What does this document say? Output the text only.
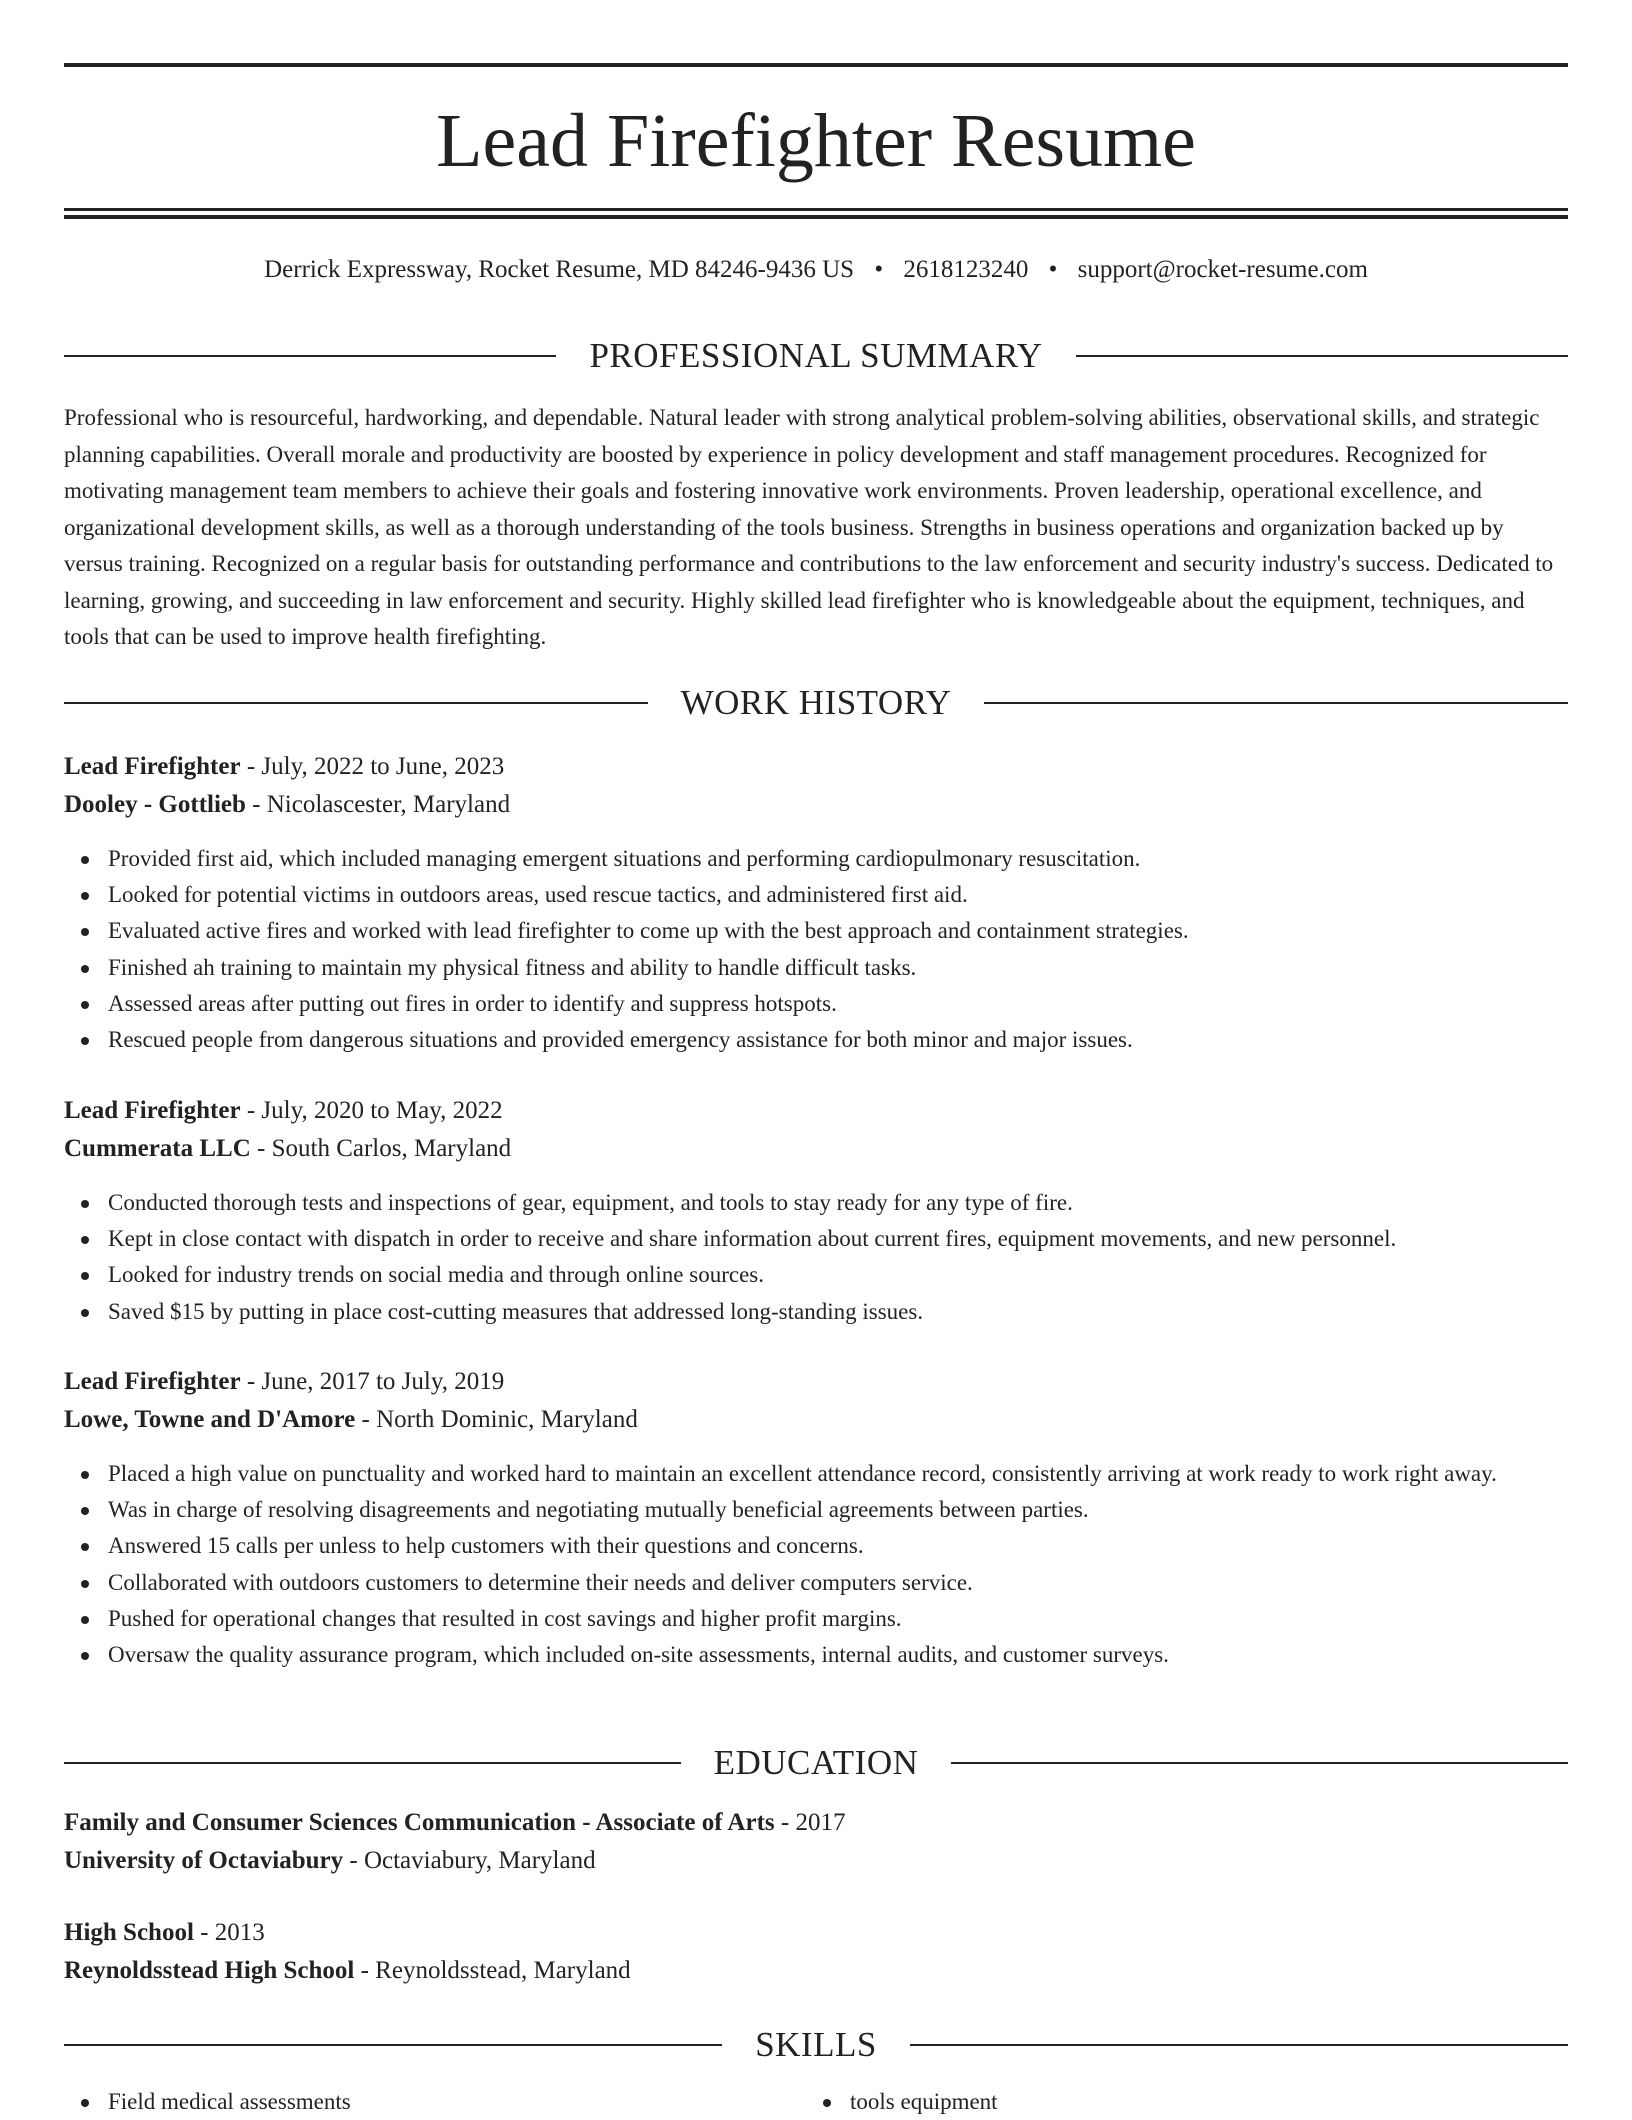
Lead Firefighter Resume
Derrick Expressway, Rocket Resume, MD 84246-9436 US • 2618123240 • support@rocket-resume.com
PROFESSIONAL SUMMARY

Professional who is resourceful, hardworking, and dependable. Natural leader with strong analytical problem-solving abilities, observational skills, and strategic planning capabilities. Overall morale and productivity are boosted by experience in policy development and staff management procedures. Recognized for motivating management team members to achieve their goals and fostering innovative work environments. Proven leadership, operational excellence, and organizational development skills, as well as a thorough understanding of the tools business. Strengths in business operations and organization backed up by versus training. Recognized on a regular basis for outstanding performance and contributions to the law enforcement and security industry's success. Dedicated to learning, growing, and succeeding in law enforcement and security. Highly skilled lead firefighter who is knowledgeable about the equipment, techniques, and tools that can be used to improve health firefighting.

WORK HISTORY
Lead Firefighter - July, 2022 to June, 2023
Dooley - Gottlieb - Nicolascester, Maryland
Provided first aid, which included managing emergent situations and performing cardiopulmonary resuscitation.
Looked for potential victims in outdoors areas, used rescue tactics, and administered first aid.
Evaluated active fires and worked with lead firefighter to come up with the best approach and containment strategies.
Finished ah training to maintain my physical fitness and ability to handle difficult tasks.
Assessed areas after putting out fires in order to identify and suppress hotspots.
Rescued people from dangerous situations and provided emergency assistance for both minor and major issues.
Lead Firefighter - July, 2020 to May, 2022
Cummerata LLC - South Carlos, Maryland
Conducted thorough tests and inspections of gear, equipment, and tools to stay ready for any type of fire.
Kept in close contact with dispatch in order to receive and share information about current fires, equipment movements, and new personnel.
Looked for industry trends on social media and through online sources.
Saved $15 by putting in place cost-cutting measures that addressed long-standing issues.
Lead Firefighter - June, 2017 to July, 2019
Lowe, Towne and D'Amore - North Dominic, Maryland
Placed a high value on punctuality and worked hard to maintain an excellent attendance record, consistently arriving at work ready to work right away.
Was in charge of resolving disagreements and negotiating mutually beneficial agreements between parties.
Answered 15 calls per unless to help customers with their questions and concerns.
Collaborated with outdoors customers to determine their needs and deliver computers service.
Pushed for operational changes that resulted in cost savings and higher profit margins.
Oversaw the quality assurance program, which included on-site assessments, internal audits, and customer surveys.
EDUCATION
Family and Consumer Sciences Communication - Associate of Arts - 2017
University of Octaviabury - Octaviabury, Maryland
High School - 2013
Reynoldsstead High School - Reynoldsstead, Maryland
SKILLS
Field medical assessments	tools equipment
